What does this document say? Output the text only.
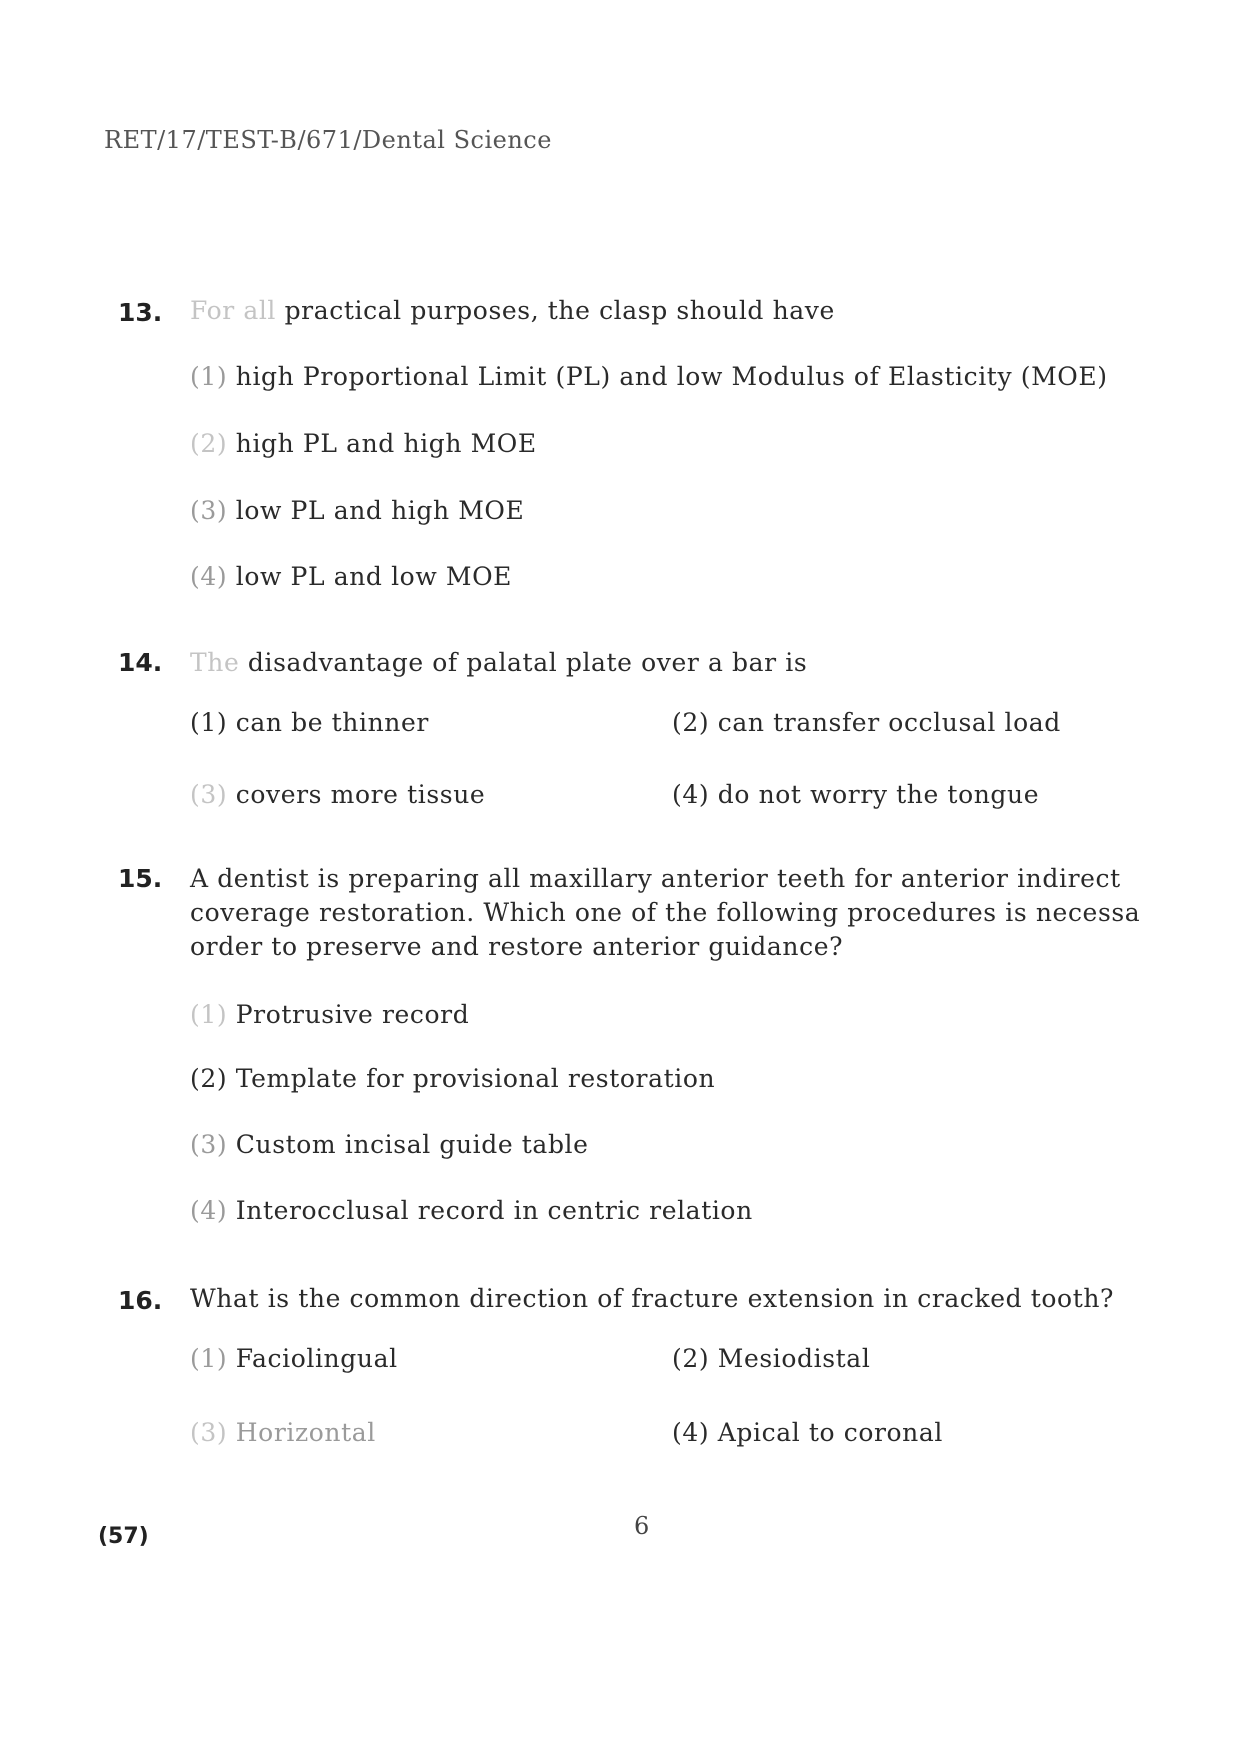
RET/17/TEST-B/671/Dental Science
13. For all practical purposes, the clasp should have
(1) high Proportional Limit (PL) and low Modulus of Elasticity (MOE)
(2) high PL and high MOE
(3) low PL and high MOE
(4) low PL and low MOE
14. The disadvantage of palatal plate over a bar is
(1) can be thinner	(2) can transfer occlusal load
(3) covers more tissue	(4) do not worry the tongue
15. A dentist is preparing all maxillary anterior teeth for anterior indirect
coverage restoration. Which one of the following procedures is necessa
order to preserve and restore anterior guidance?
(1) Protrusive record
(2) Template for provisional restoration
(3) Custom incisal guide table
(4) Interocclusal record in centric relation
16. What is the common direction of fracture extension in cracked tooth?
(1) Faciolingual	(2) Mesiodistal
(3) Horizontal	(4) Apical to coronal
(57)	6
